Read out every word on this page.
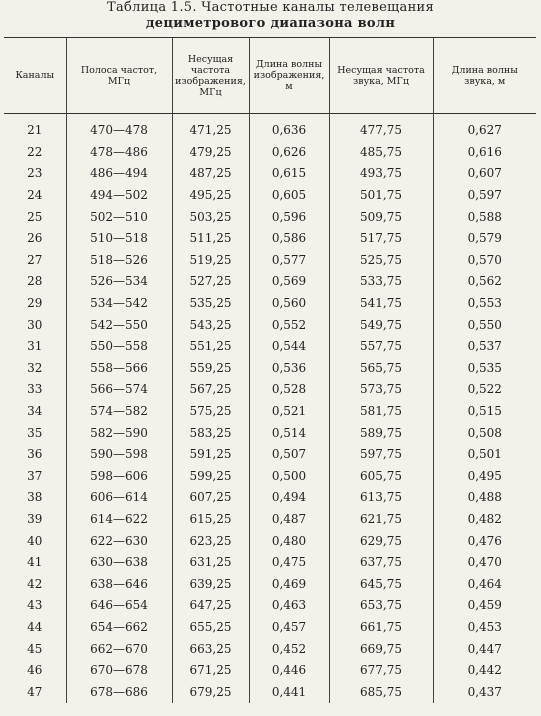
Таблица 1.5. Частотные каналы телевещания
дециметрового диапазона волн
Каналы	Полоса частот, МГц	Несущая частота изображения, МГц	Длина волны изображения, м	Несущая частота звука, МГц	Длина волны звука, м
21	470—478	471,25	0,636	477,75	0,627
22	478—486	479,25	0,626	485,75	0,616
23	486—494	487,25	0,615	493,75	0,607
24	494—502	495,25	0,605	501,75	0,597
25	502—510	503,25	0,596	509,75	0,588
26	510—518	511,25	0,586	517,75	0,579
27	518—526	519,25	0,577	525,75	0,570
28	526—534	527,25	0,569	533,75	0,562
29	534—542	535,25	0,560	541,75	0,553
30	542—550	543,25	0,552	549,75	0,550
31	550—558	551,25	0,544	557,75	0,537
32	558—566	559,25	0,536	565,75	0,535
33	566—574	567,25	0,528	573,75	0,522
34	574—582	575,25	0,521	581,75	0,515
35	582—590	583,25	0,514	589,75	0,508
36	590—598	591,25	0,507	597,75	0,501
37	598—606	599,25	0,500	605,75	0,495
38	606—614	607,25	0,494	613,75	0,488
39	614—622	615,25	0,487	621,75	0,482
40	622—630	623,25	0,480	629,75	0,476
41	630—638	631,25	0,475	637,75	0,470
42	638—646	639,25	0,469	645,75	0,464
43	646—654	647,25	0,463	653,75	0,459
44	654—662	655,25	0,457	661,75	0,453
45	662—670	663,25	0,452	669,75	0,447
46	670—678	671,25	0,446	677,75	0,442
47	678—686	679,25	0,441	685,75	0,437
